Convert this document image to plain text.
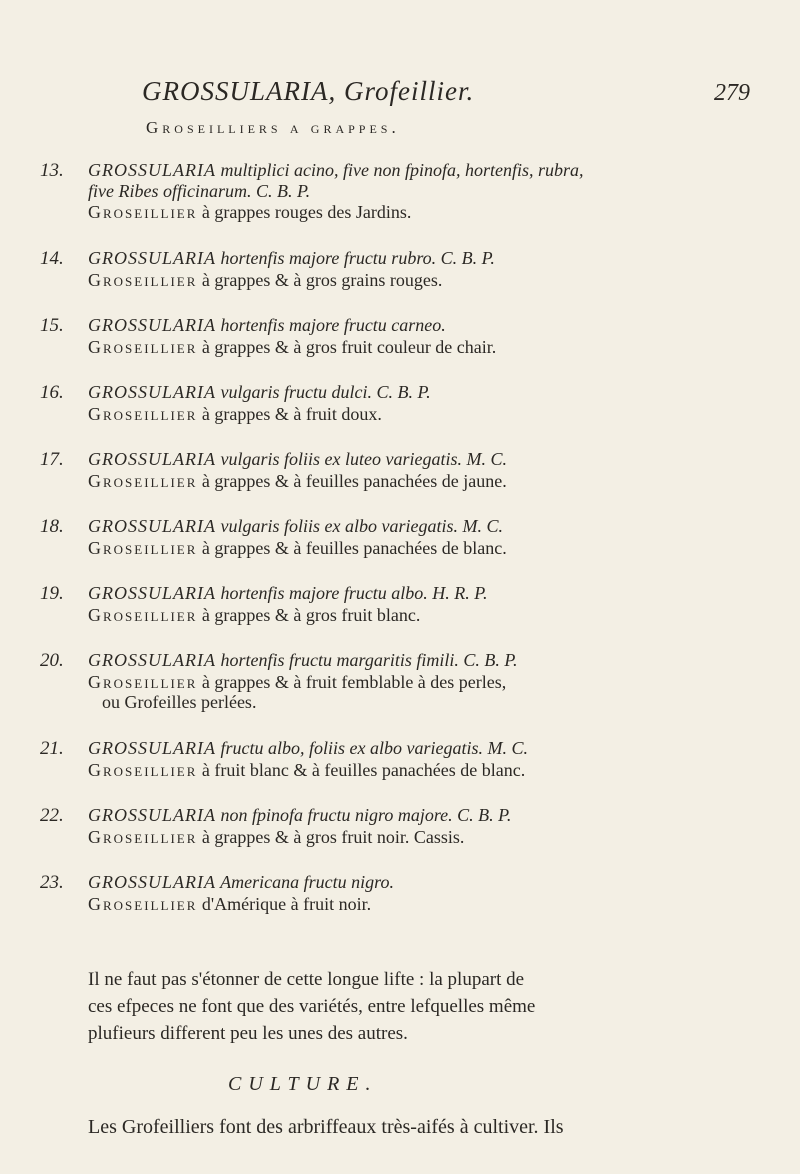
GROSSULARIA, Grofeillier.	279
Groseilliers a grappes.
13.	GROSSULARIA multiplici acino, five non fpinofa, hortenfis, rubra,
five Ribes officinarum. C. B. P.
Groseillier à grappes rouges des Jardins.
14.	GROSSULARIA hortenfis majore fructu rubro. C. B. P.
Groseillier à grappes & à gros grains rouges.
15.	GROSSULARIA hortenfis majore fructu carneo.
Groseillier à grappes & à gros fruit couleur de chair.
16.	GROSSULARIA vulgaris fructu dulci. C. B. P.
Groseillier à grappes & à fruit doux.
17.	GROSSULARIA vulgaris foliis ex luteo variegatis. M. C.
Groseillier à grappes & à feuilles panachées de jaune.
18.	GROSSULARIA vulgaris foliis ex albo variegatis. M. C.
Groseillier à grappes & à feuilles panachées de blanc.
19.	GROSSULARIA hortenfis majore fructu albo. H. R. P.
Groseillier à grappes & à gros fruit blanc.
20.	GROSSULARIA hortenfis fructu margaritis fimili. C. B. P.
Groseillier à grappes & à fruit femblable à des perles,
ou Grofeilles perlées.
21.	GROSSULARIA fructu albo, foliis ex albo variegatis. M. C.
Groseillier à fruit blanc & à feuilles panachées de blanc.
22.	GROSSULARIA non fpinofa fructu nigro majore. C. B. P.
Groseillier à grappes & à gros fruit noir. Cassis.
23.	GROSSULARIA Americana fructu nigro.
Groseillier d'Amérique à fruit noir.
Il ne faut pas s'étonner de cette longue lifte : la plupart de
ces efpeces ne font que des variétés, entre lefquelles même
plufieurs different peu les unes des autres.
CULTURE.
Les Grofeilliers font des arbriffeaux très-aifés à cultiver. Ils
